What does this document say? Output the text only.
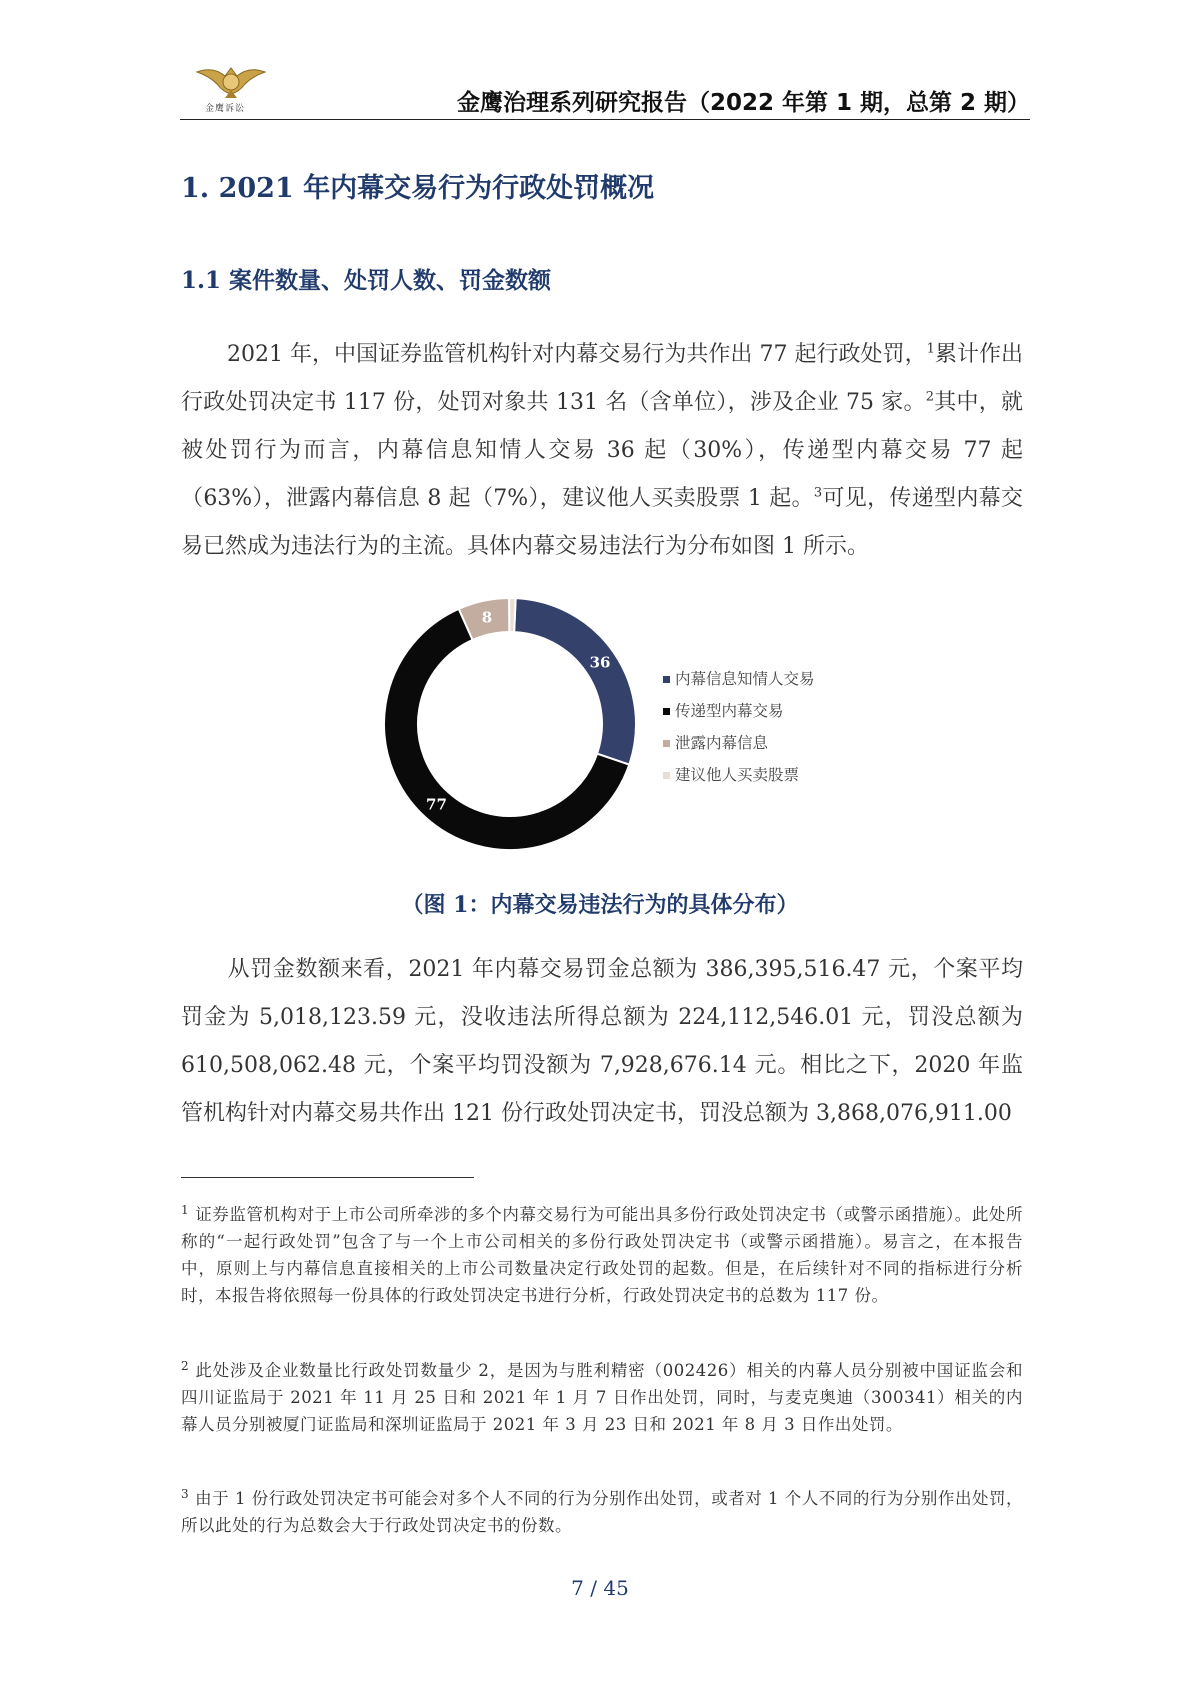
金鹰诉讼	金鹰治理系列研究报告（2022 年第 1 期，总第 2 期）
1. 2021 年内幕交易行为行政处罚概况
1.1 案件数量、处罚人数、罚金数额
2021 年，中国证券监管机构针对内幕交易行为共作出 77 起行政处罚，$^1$累计作出行政处罚决定书 117 份，处罚对象共 131 名（含单位），涉及企业 75 家。$^2$其中，就被处罚行为而言，内幕信息知情人交易 36 起（30%），传递型内幕交易 77 起（63%），泄露内幕信息 8 起（7%），建议他人买卖股票 1 起。$^3$可见，传递型内幕交易已然成为违法行为的主流。具体内幕交易违法行为分布如图 1 所示。
36
77
8
内幕信息知情人交易
传递型内幕交易
泄露内幕信息
建议他人买卖股票
（图 1：内幕交易违法行为的具体分布）
从罚金数额来看，2021 年内幕交易罚金总额为 386,395,516.47 元，个案平均罚金为 5,018,123.59 元，没收违法所得总额为 224,112,546.01 元，罚没总额为 610,508,062.48 元，个案平均罚没额为 7,928,676.14 元。相比之下，2020 年监管机构针对内幕交易共作出 121 份行政处罚决定书，罚没总额为 3,868,076,911.00
$^1$ 证券监管机构对于上市公司所牵涉的多个内幕交易行为可能出具多份行政处罚决定书（或警示函措施）。此处所称的“一起行政处罚”包含了与一个上市公司相关的多份行政处罚决定书（或警示函措施）。易言之，在本报告中，原则上与内幕信息直接相关的上市公司数量决定行政处罚的起数。但是，在后续针对不同的指标进行分析时，本报告将依照每一份具体的行政处罚决定书进行分析，行政处罚决定书的总数为 117 份。
$^2$ 此处涉及企业数量比行政处罚数量少 2，是因为与胜利精密（002426）相关的内幕人员分别被中国证监会和四川证监局于 2021 年 11 月 25 日和 2021 年 1 月 7 日作出处罚，同时，与麦克奥迪（300341）相关的内幕人员分别被厦门证监局和深圳证监局于 2021 年 3 月 23 日和 2021 年 8 月 3 日作出处罚。
$^3$ 由于 1 份行政处罚决定书可能会对多个人不同的行为分别作出处罚，或者对 1 个人不同的行为分别作出处罚，所以此处的行为总数会大于行政处罚决定书的份数。
7 / 45
